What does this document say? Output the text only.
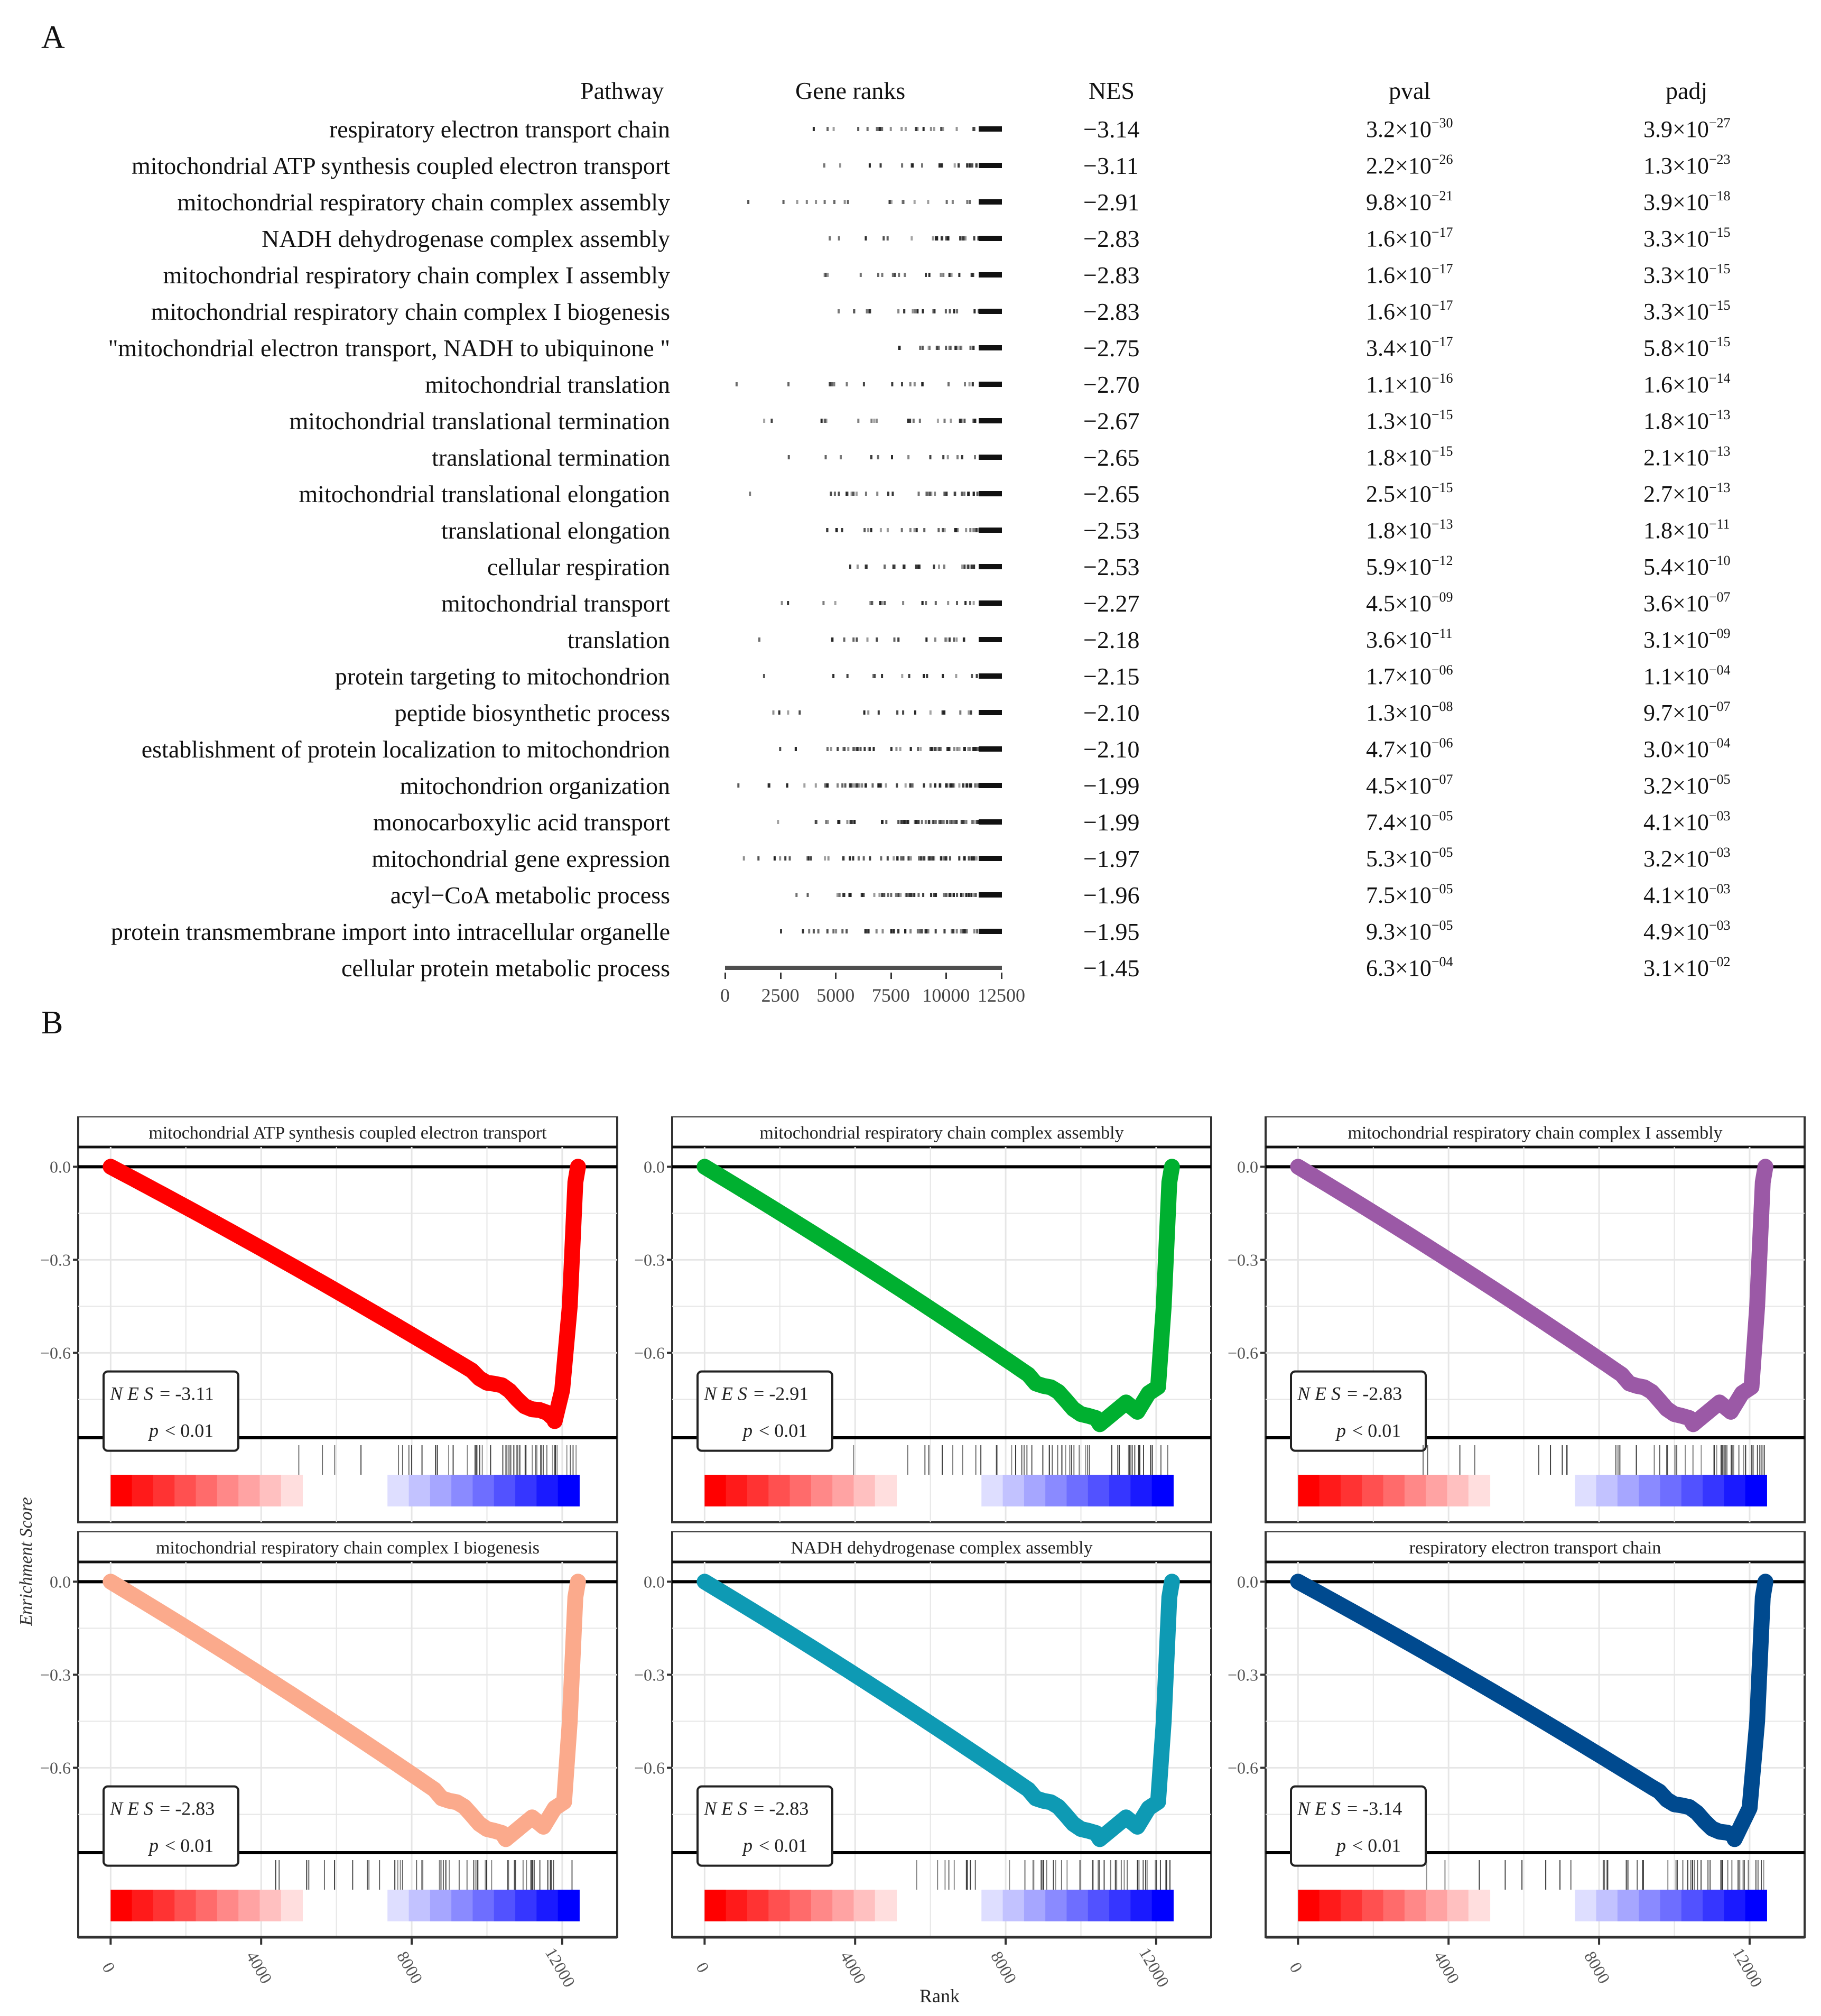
A
Pathway	Gene ranks	NES	pval	padj
respiratory electron transport chain	−3.14	$3.2\times 10^{-30}$	$3.9\times 10^{-27}$
mitochondrial ATP synthesis coupled electron transport	−3.11	$2.2\times 10^{-26}$	$1.3\times 10^{-23}$
mitochondrial respiratory chain complex assembly	−2.91	$9.8\times 10^{-21}$	$3.9\times 10^{-18}$
NADH dehydrogenase complex assembly	−2.83	$1.6\times 10^{-17}$	$3.3\times 10^{-15}$
mitochondrial respiratory chain complex I assembly	−2.83	$1.6\times 10^{-17}$	$3.3\times 10^{-15}$
mitochondrial respiratory chain complex I biogenesis	−2.83	$1.6\times 10^{-17}$	$3.3\times 10^{-15}$
"mitochondrial electron transport, NADH to ubiquinone "	−2.75	$3.4\times 10^{-17}$	$5.8\times 10^{-15}$
mitochondrial translation	−2.70	$1.1\times 10^{-16}$	$1.6\times 10^{-14}$
mitochondrial translational termination	−2.67	$1.3\times 10^{-15}$	$1.8\times 10^{-13}$
translational termination	−2.65	$1.8\times 10^{-15}$	$2.1\times 10^{-13}$
mitochondrial translational elongation	−2.65	$2.5\times 10^{-15}$	$2.7\times 10^{-13}$
translational elongation	−2.53	$1.8\times 10^{-13}$	$1.8\times 10^{-11}$
cellular respiration	−2.53	$5.9\times 10^{-12}$	$5.4\times 10^{-10}$
mitochondrial transport	−2.27	$4.5\times 10^{-09}$	$3.6\times 10^{-07}$
translation	−2.18	$3.6\times 10^{-11}$	$3.1\times 10^{-09}$
protein targeting to mitochondrion	−2.15	$1.7\times 10^{-06}$	$1.1\times 10^{-04}$
peptide biosynthetic process	−2.10	$1.3\times 10^{-08}$	$9.7\times 10^{-07}$
establishment of protein localization to mitochondrion	−2.10	$4.7\times 10^{-06}$	$3.0\times 10^{-04}$
mitochondrion organization	−1.99	$4.5\times 10^{-07}$	$3.2\times 10^{-05}$
monocarboxylic acid transport	−1.99	$7.4\times 10^{-05}$	$4.1\times 10^{-03}$
mitochondrial gene expression	−1.97	$5.3\times 10^{-05}$	$3.2\times 10^{-03}$
acyl−CoA metabolic process	−1.96	$7.5\times 10^{-05}$	$4.1\times 10^{-03}$
protein transmembrane import into intracellular organelle	−1.95	$9.3\times 10^{-05}$	$4.9\times 10^{-03}$
cellular protein metabolic process	−1.45	$6.3\times 10^{-04}$	$3.1\times 10^{-02}$
0 2500 5000 7500 10000 12500
B
Enrichment Score
Rank
mitochondrial ATP synthesis coupled electron transport
0.0
−0.3
−0.6
N E S = -3.11
p < 0.01
mitochondrial respiratory chain complex assembly
0.0
−0.3
−0.6
N E S = -2.91
p < 0.01
mitochondrial respiratory chain complex I assembly
0.0
−0.3
−0.6
N E S = -2.83
p < 0.01
mitochondrial respiratory chain complex I biogenesis
0.0
−0.3
−0.6
N E S = -2.83
p < 0.01
0	4000	8000	12000
NADH dehydrogenase complex assembly
0.0
−0.3
−0.6
N E S = -2.83
p < 0.01
0	4000	8000	12000
respiratory electron transport chain
0.0
−0.3
−0.6
N E S = -3.14
p < 0.01
0	4000	8000	12000
